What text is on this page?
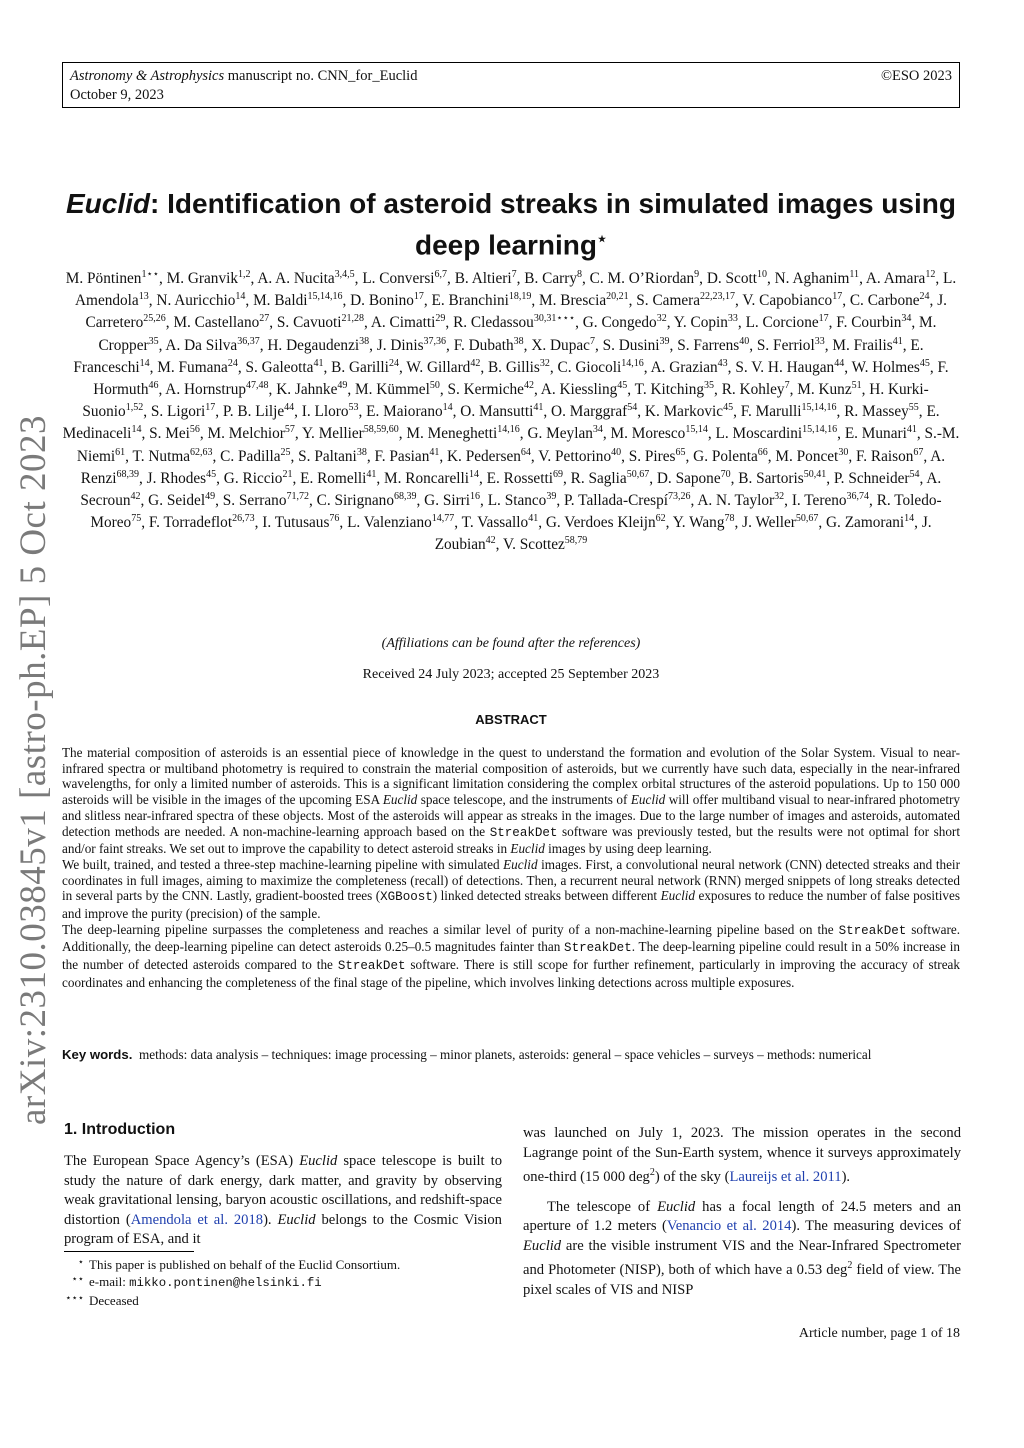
Astronomy & Astrophysics manuscript no. CNN_for_Euclid
October 9, 2023
©ESO 2023
arXiv:2310.03845v1 [astro-ph.EP] 5 Oct 2023
Euclid: Identification of asteroid streaks in simulated images using deep learning⋆
M. Pöntinen$^{1⋆⋆}$, M. Granvik$^{1,2}$, A. A. Nucita$^{3,4,5}$, L. Conversi$^{6,7}$, B. Altieri$^7$, B. Carry$^8$, C. M. O’Riordan$^9$, D. Scott$^{10}$, N. Aghanim$^{11}$, A. Amara$^{12}$, L. Amendola$^{13}$, N. Auricchio$^{14}$, M. Baldi$^{15,14,16}$, D. Bonino$^{17}$, E. Branchini$^{18,19}$, M. Brescia$^{20,21}$, S. Camera$^{22,23,17}$, V. Capobianco$^{17}$, C. Carbone$^{24}$, J. Carretero$^{25,26}$, M. Castellano$^{27}$, S. Cavuoti$^{21,28}$, A. Cimatti$^{29}$, R. Cledassou$^{30,31⋆⋆⋆}$, G. Congedo$^{32}$, Y. Copin$^{33}$, L. Corcione$^{17}$, F. Courbin$^{34}$, M. Cropper$^{35}$, A. Da Silva$^{36,37}$, H. Degaudenzi$^{38}$, J. Dinis$^{37,36}$, F. Dubath$^{38}$, X. Dupac$^7$, S. Dusini$^{39}$, S. Farrens$^{40}$, S. Ferriol$^{33}$, M. Frailis$^{41}$, E. Franceschi$^{14}$, M. Fumana$^{24}$, S. Galeotta$^{41}$, B. Garilli$^{24}$, W. Gillard$^{42}$, B. Gillis$^{32}$, C. Giocoli$^{14,16}$, A. Grazian$^{43}$, S. V. H. Haugan$^{44}$, W. Holmes$^{45}$, F. Hormuth$^{46}$, A. Hornstrup$^{47,48}$, K. Jahnke$^{49}$, M. Kümmel$^{50}$, S. Kermiche$^{42}$, A. Kiessling$^{45}$, T. Kitching$^{35}$, R. Kohley$^7$, M. Kunz$^{51}$, H. Kurki-Suonio$^{1,52}$, S. Ligori$^{17}$, P. B. Lilje$^{44}$, I. Lloro$^{53}$, E. Maiorano$^{14}$, O. Mansutti$^{41}$, O. Marggraf$^{54}$, K. Markovic$^{45}$, F. Marulli$^{15,14,16}$, R. Massey$^{55}$, E. Medinaceli$^{14}$, S. Mei$^{56}$, M. Melchior$^{57}$, Y. Mellier$^{58,59,60}$, M. Meneghetti$^{14,16}$, G. Meylan$^{34}$, M. Moresco$^{15,14}$, L. Moscardini$^{15,14,16}$, E. Munari$^{41}$, S.-M. Niemi$^{61}$, T. Nutma$^{62,63}$, C. Padilla$^{25}$, S. Paltani$^{38}$, F. Pasian$^{41}$, K. Pedersen$^{64}$, V. Pettorino$^{40}$, S. Pires$^{65}$, G. Polenta$^{66}$, M. Poncet$^{30}$, F. Raison$^{67}$, A. Renzi$^{68,39}$, J. Rhodes$^{45}$, G. Riccio$^{21}$, E. Romelli$^{41}$, M. Roncarelli$^{14}$, E. Rossetti$^{69}$, R. Saglia$^{50,67}$, D. Sapone$^{70}$, B. Sartoris$^{50,41}$, P. Schneider$^{54}$, A. Secroun$^{42}$, G. Seidel$^{49}$, S. Serrano$^{71,72}$, C. Sirignano$^{68,39}$, G. Sirri$^{16}$, L. Stanco$^{39}$, P. Tallada-Crespí$^{73,26}$, A. N. Taylor$^{32}$, I. Tereno$^{36,74}$, R. Toledo-Moreo$^{75}$, F. Torradeflot$^{26,73}$, I. Tutusaus$^{76}$, L. Valenziano$^{14,77}$, T. Vassallo$^{41}$, G. Verdoes Kleijn$^{62}$, Y. Wang$^{78}$, J. Weller$^{50,67}$, G. Zamorani$^{14}$, J. Zoubian$^{42}$, V. Scottez$^{58,79}$
(Affiliations can be found after the references)
Received 24 July 2023; accepted 25 September 2023
ABSTRACT

The material composition of asteroids is an essential piece of knowledge in the quest to understand the formation and evolution of the Solar System. Visual to near-infrared spectra or multiband photometry is required to constrain the material composition of asteroids, but we currently have such data, especially in the near-infrared wavelengths, for only a limited number of asteroids. This is a significant limitation considering the complex orbital structures of the asteroid populations. Up to 150 000 asteroids will be visible in the images of the upcoming ESA Euclid space telescope, and the instruments of Euclid will offer multiband visual to near-infrared photometry and slitless near-infrared spectra of these objects. Most of the asteroids will appear as streaks in the images. Due to the large number of images and asteroids, automated detection methods are needed. A non-machine-learning approach based on the StreakDet software was previously tested, but the results were not optimal for short and/or faint streaks. We set out to improve the capability to detect asteroid streaks in Euclid images by using deep learning.

We built, trained, and tested a three-step machine-learning pipeline with simulated Euclid images. First, a convolutional neural network (CNN) detected streaks and their coordinates in full images, aiming to maximize the completeness (recall) of detections. Then, a recurrent neural network (RNN) merged snippets of long streaks detected in several parts by the CNN. Lastly, gradient-boosted trees (XGBoost) linked detected streaks between different Euclid exposures to reduce the number of false positives and improve the purity (precision) of the sample.

The deep-learning pipeline surpasses the completeness and reaches a similar level of purity of a non-machine-learning pipeline based on the StreakDet software. Additionally, the deep-learning pipeline can detect asteroids 0.25–0.5 magnitudes fainter than StreakDet. The deep-learning pipeline could result in a 50% increase in the number of detected asteroids compared to the StreakDet software. There is still scope for further refinement, particularly in improving the accuracy of streak coordinates and enhancing the completeness of the final stage of the pipeline, which involves linking detections across multiple exposures.

Key words. methods: data analysis – techniques: image processing – minor planets, asteroids: general – space vehicles – surveys – methods: numerical
1. Introduction

The European Space Agency’s (ESA) Euclid space telescope is built to study the nature of dark energy, dark matter, and gravity by observing weak gravitational lensing, baryon acoustic oscillations, and redshift-space distortion (Amendola et al. 2018). Euclid belongs to the Cosmic Vision program of ESA, and it

⋆ This paper is published on behalf of the Euclid Consortium.
⋆⋆ e-mail: mikko.pontinen@helsinki.fi
⋆⋆⋆ Deceased

was launched on July 1, 2023. The mission operates in the second Lagrange point of the Sun-Earth system, whence it surveys approximately one-third (15 000 deg$^2$) of the sky (Laureijs et al. 2011).

The telescope of Euclid has a focal length of 24.5 meters and an aperture of 1.2 meters (Venancio et al. 2014). The measuring devices of Euclid are the visible instrument VIS and the Near-Infrared Spectrometer and Photometer (NISP), both of which have a 0.53 deg$^2$ field of view. The pixel scales of VIS and NISP

Article number, page 1 of 18
